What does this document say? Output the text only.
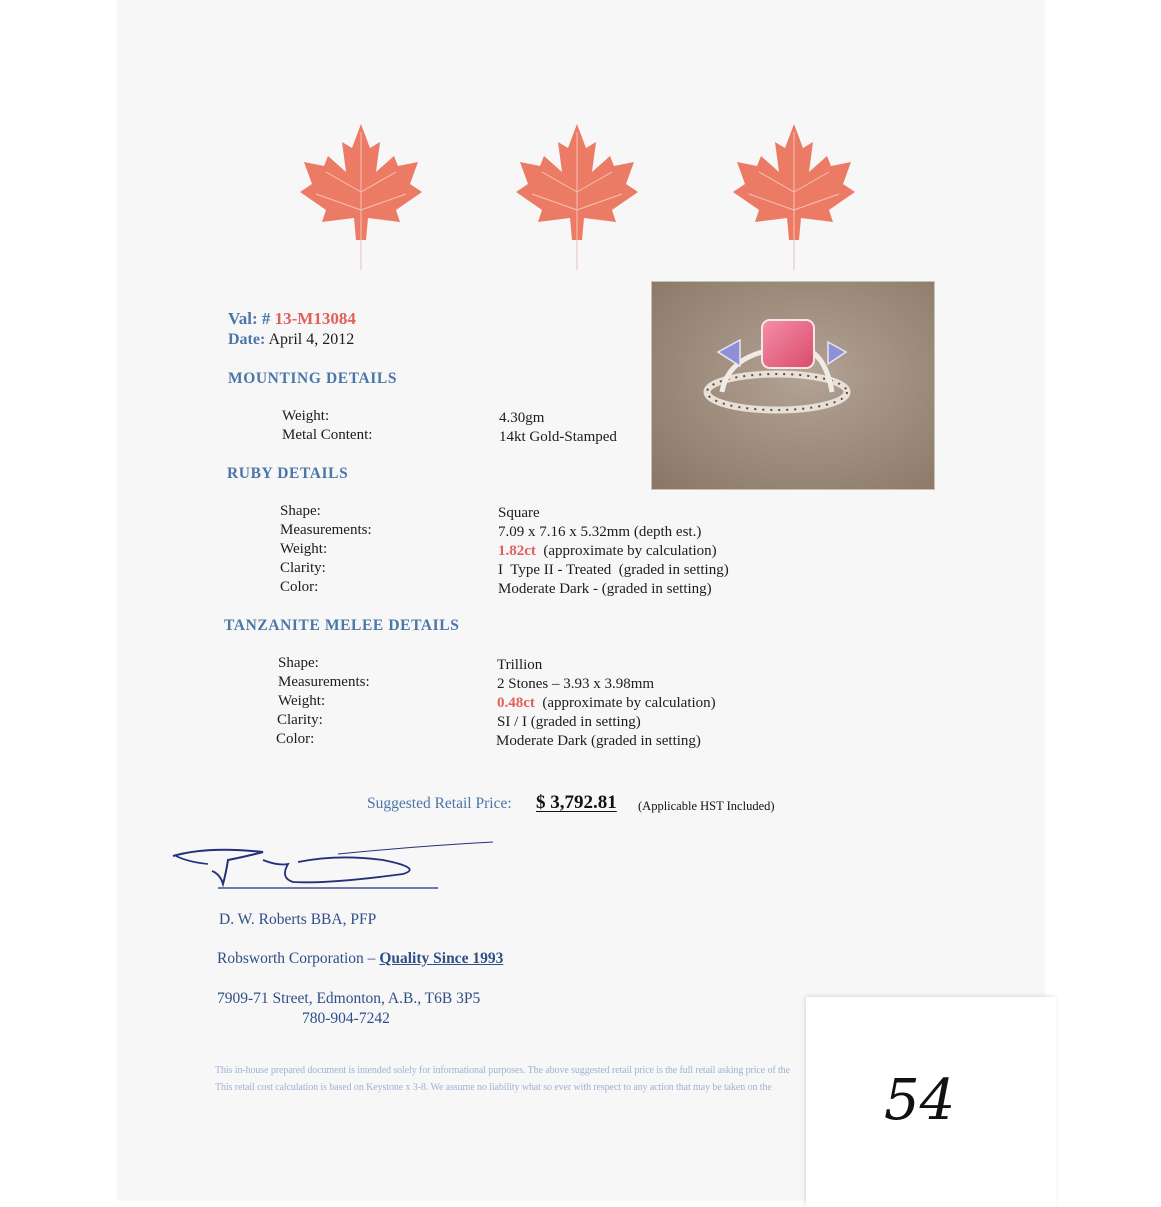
Val: # 13-M13084
Date: April 4, 2012
MOUNTING DETAILS
Weight:	4.30gm
Metal Content:	14kt Gold-Stamped
RUBY DETAILS
Shape:	Square
Measurements:	7.09 x 7.16 x 5.32mm (depth est.)
Weight:	1.82ct (approximate by calculation)
Clarity:	I  Type II - Treated  (graded in setting)
Color:	Moderate Dark - (graded in setting)
TANZANITE MELEE DETAILS
Shape:	Trillion
Measurements:	2 Stones – 3.93 x 3.98mm
Weight:	0.48ct (approximate by calculation)
Clarity:	SI / I (graded in setting)
Color:	Moderate Dark (graded in setting)
Suggested Retail Price: $ 3,792.81 (Applicable HST Included)
D. W. Roberts BBA, PFP
Robsworth Corporation – Quality Since 1993
7909-71 Street, Edmonton, A.B., T6B 3P5
780-904-7242
This in-house prepared document is intended solely for informational purposes. The above suggested retail price is the full retail asking price of the
This retail cost calculation is based on Keystone x 3-8. We assume no liability what so ever with respect to any action that may be taken on the	54
